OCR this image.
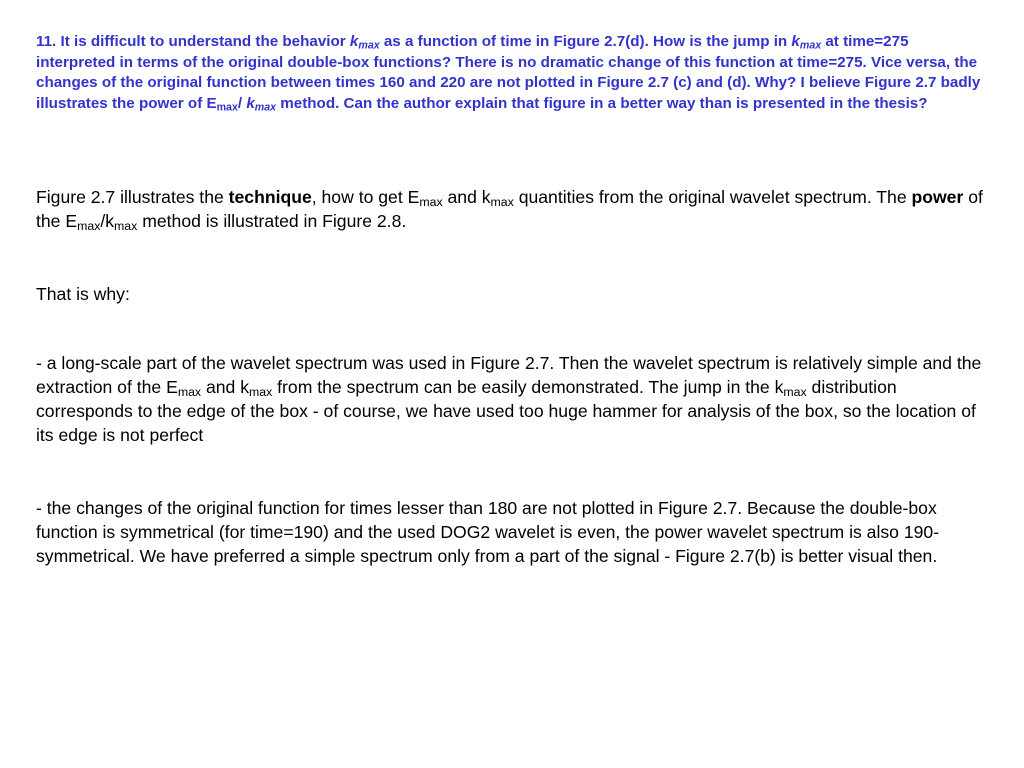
11. It is difficult to understand the behavior $k_{max}$ as a function of time in Figure 2.7(d). How is the jump in $k_{max}$ at time=275 interpreted in terms of the original double-box functions? There is no dramatic change of this function at time=275. Vice versa, the changes of the original function between times 160 and 220 are not plotted in Figure 2.7 (c) and (d). Why? I believe Figure 2.7 badly illustrates the power of $E_{max}/$ $k_{max}$ method. Can the author explain that figure in a better way than is presented in the thesis?

Figure 2.7 illustrates the technique, how to get $E_{max}$ and $k_{max}$ quantities from the original wavelet spectrum. The power of the $E_{max}/k_{max}$ method is illustrated in Figure 2.8.

That is why:

- a long-scale part of the wavelet spectrum was used in Figure 2.7. Then the wavelet spectrum is relatively simple and the extraction of the $E_{max}$ and $k_{max}$ from the spectrum can be easily demonstrated. The jump in the $k_{max}$ distribution corresponds to the edge of the box - of course, we have used too huge hammer for analysis of the box, so the location of its edge is not perfect

- the changes of the original function for times lesser than 180 are not plotted in Figure 2.7. Because the double-box function is symmetrical (for time=190) and the used DOG2 wavelet is even, the power wavelet spectrum is also 190-symmetrical. We have preferred a simple spectrum only from a part of the signal - Figure 2.7(b) is better visual then.
